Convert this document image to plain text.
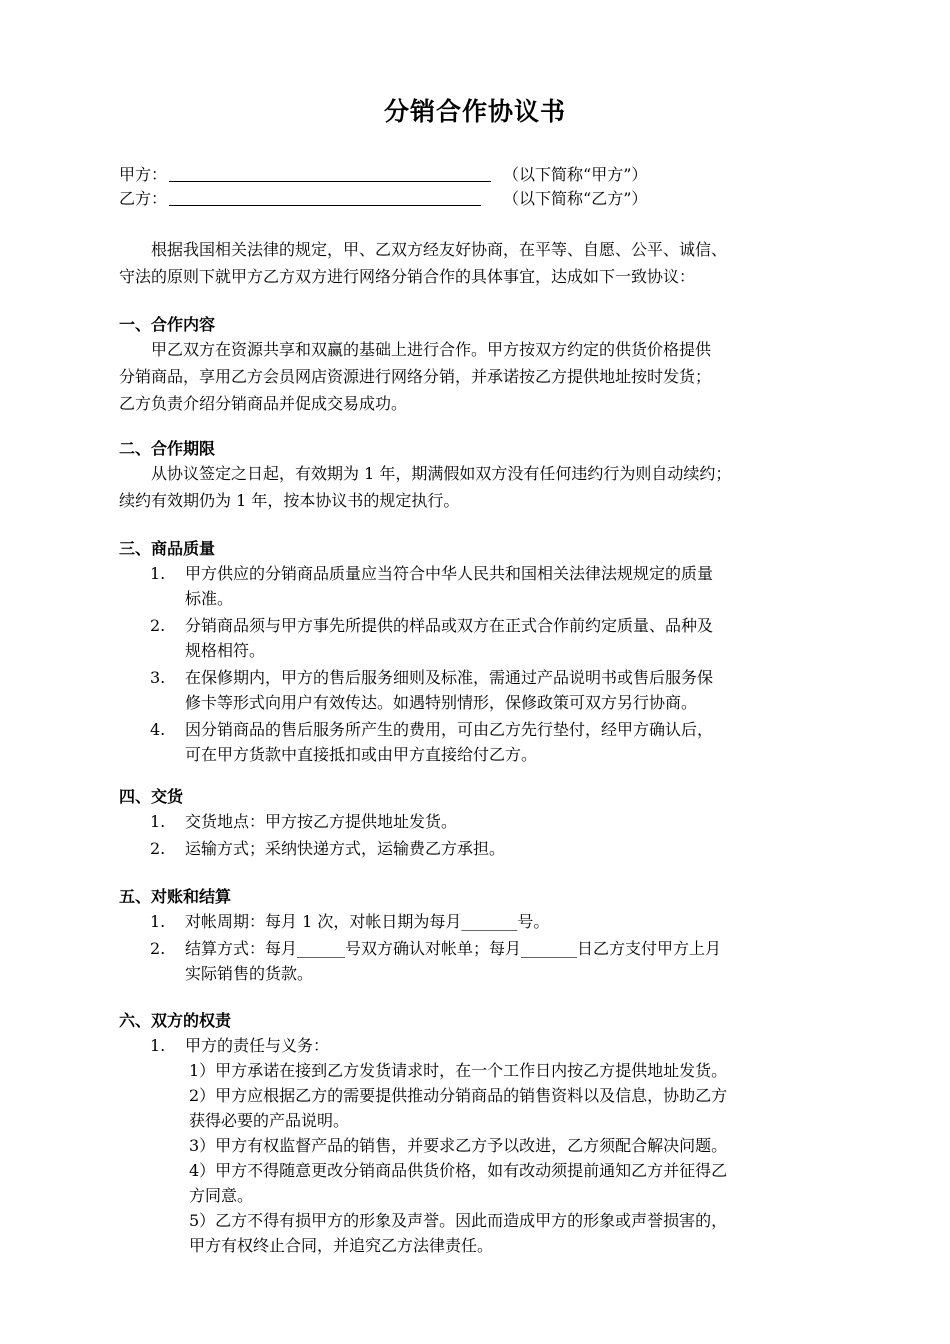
分销合作协议书
甲方：	（以下简称“甲方”）
乙方：	（以下简称“乙方”）

　　根据我国相关法律的规定，甲、乙双方经友好协商，在平等、自愿、公平、诚信、

守法的原则下就甲方乙方双方进行网络分销合作的具体事宜，达成如下一致协议：

一、合作内容

　　甲乙双方在资源共享和双赢的基础上进行合作。甲方按双方约定的供货价格提供

分销商品，享用乙方会员网店资源进行网络分销，并承诺按乙方提供地址按时发货；

乙方负责介绍分销商品并促成交易成功。

二、合作期限

　　从协议签定之日起，有效期为 1 年，期满假如双方没有任何违约行为则自动续约；

续约有效期仍为 1 年，按本协议书的规定执行。

三、商品质量
1. 甲方供应的分销商品质量应当符合中华人民共和国相关法律法规规定的质量
标准。
2. 分销商品须与甲方事先所提供的样品或双方在正式合作前约定质量、品种及
规格相符。
3. 在保修期内，甲方的售后服务细则及标准，需通过产品说明书或售后服务保
修卡等形式向用户有效传达。如遇特别情形，保修政策可双方另行协商。
4. 因分销商品的售后服务所产生的费用，可由乙方先行垫付，经甲方确认后，
可在甲方货款中直接抵扣或由甲方直接给付乙方。
四、交货
1. 交货地点：甲方按乙方提供地址发货。
2. 运输方式；采纳快递方式，运输费乙方承担。
五、对账和结算
1. 对帐周期：每月 1 次，对帐日期为每月_______号。
2. 结算方式：每月______号双方确认对帐单；每月_______日乙方支付甲方上月
实际销售的货款。
六、双方的权责
1. 甲方的责任与义务：
1）甲方承诺在接到乙方发货请求时，在一个工作日内按乙方提供地址发货。
2）甲方应根据乙方的需要提供推动分销商品的销售资料以及信息，协助乙方
获得必要的产品说明。
3）甲方有权监督产品的销售，并要求乙方予以改进，乙方须配合解决问题。
4）甲方不得随意更改分销商品供货价格，如有改动须提前通知乙方并征得乙
方同意。
5）乙方不得有损甲方的形象及声誉。因此而造成甲方的形象或声誉损害的，
甲方有权终止合同，并追究乙方法律责任。
